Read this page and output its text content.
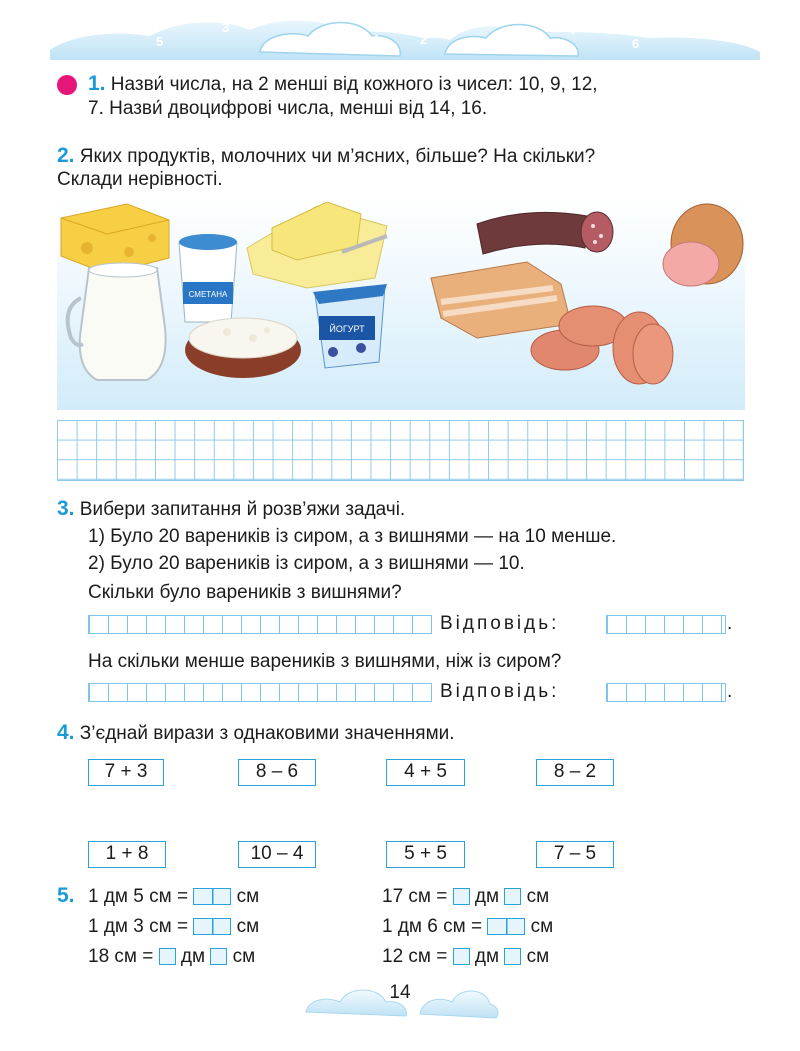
7
5
3
1
0
2
4
6
8
1. Назви́ числа, на 2 менші від кожного із чисел: 10, 9, 12,
7. Назви́ двоцифрові числа, менші від 14, 16.
2. Яких продуктів, молочних чи м’ясних, більше? На скільки?
Склади нерівності.
СМЕТАНА
ЙОГУРТ
3. Вибери запитання й розв’яжи задачі.
1) Було 20 вареників із сиром, а з вишнями — на 10 менше.
2) Було 20 вареників із сиром, а з вишнями — 10.
Скільки було вареників з вишнями?
Відповідь:	.
На скільки менше вареників з вишнями, ніж із сиром?
Відповідь:	.
4. З’єднай вирази з однаковими значеннями.
7 + 3	8 – 6	4 + 5	8 – 2
1 + 8	10 – 4	5 + 5	7 – 5
5. 1 дм 5 см =	см
1 дм 3 см =	см
18 см = дм см
17 см = дм см
1 дм 6 см =	см
12 см = дм см
14
